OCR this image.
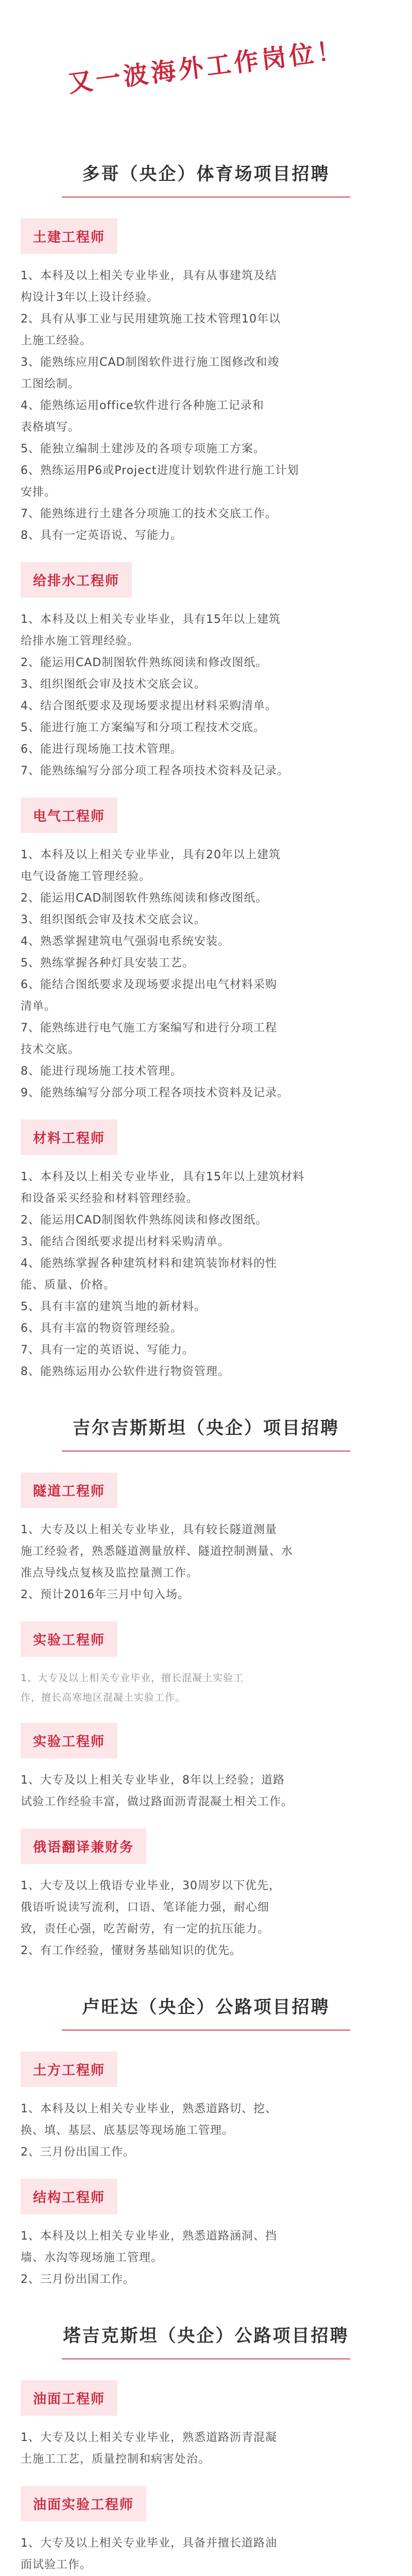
又一波海外工作岗位！
多哥（央企）体育场项目招聘
土建工程师

1、本科及以上相关专业毕业，具有从事建筑及结

构设计3年以上设计经验。

2、具有从事工业与民用建筑施工技术管理10年以

上施工经验。

3、能熟练应用CAD制图软件进行施工图修改和竣

工图绘制。

4、能熟练运用office软件进行各种施工记录和

表格填写。

5、能独立编制土建涉及的各项专项施工方案。

6、熟练运用P6或Project进度计划软件进行施工计划

安排。

7、能熟练进行土建各分项施工的技术交底工作。

8、具有一定英语说、写能力。

给排水工程师

1、本科及以上相关专业毕业，具有15年以上建筑

给排水施工管理经验。

2、能运用CAD制图软件熟练阅读和修改图纸。

3、组织图纸会审及技术交底会议。

4、结合图纸要求及现场要求提出材料采购清单。

5、能进行施工方案编写和分项工程技术交底。

6、能进行现场施工技术管理。

7、能熟练编写分部分项工程各项技术资料及记录。

电气工程师

1、本科及以上相关专业毕业，具有20年以上建筑

电气设备施工管理经验。

2、能运用CAD制图软件熟练阅读和修改图纸。

3、组织图纸会审及技术交底会议。

4、熟悉掌握建筑电气强弱电系统安装。

5、熟练掌握各种灯具安装工艺。

6、能结合图纸要求及现场要求提出电气材料采购

清单。

7、能熟练进行电气施工方案编写和进行分项工程

技术交底。

8、能进行现场施工技术管理。

9、能熟练编写分部分项工程各项技术资料及记录。

材料工程师

1、本科及以上相关专业毕业，具有15年以上建筑材料

和设备采买经验和材料管理经验。

2、能运用CAD制图软件熟练阅读和修改图纸。

3、能结合图纸要求提出材料采购清单。

4、能熟练掌握各种建筑材料和建筑装饰材料的性

能、质量、价格。

5、具有丰富的建筑当地的新材料。

6、具有丰富的物资管理经验。

7、具有一定的英语说、写能力。

8、能熟练运用办公软件进行物资管理。

吉尔吉斯斯坦（央企）项目招聘
隧道工程师

1、大专及以上相关专业毕业，具有较长隧道测量

施工经验者，熟悉隧道测量放样、隧道控制测量、水

准点导线点复核及监控量测工作。

2、预计2016年三月中旬入场。

实验工程师

1、大专及以上相关专业毕业，擅长混凝土实验工

作，擅长高寒地区混凝土实验工作。

实验工程师

1、大专及以上相关专业毕业，8年以上经验；道路

试验工作经验丰富，做过路面沥青混凝土相关工作。

俄语翻译兼财务

1、大专及以上俄语专业毕业，30周岁以下优先，

俄语听说读写流利，口语、笔译能力强，耐心细

致，责任心强，吃苦耐劳，有一定的抗压能力。

2、有工作经验，懂财务基础知识的优先。

卢旺达（央企）公路项目招聘
土方工程师

1、本科及以上相关专业毕业，熟悉道路切、挖、

换、填、基层、底基层等现场施工管理。

2、三月份出国工作。

结构工程师

1、本科及以上相关专业毕业，熟悉道路涵洞、挡

墙、水沟等现场施工管理。

2、三月份出国工作。

塔吉克斯坦（央企）公路项目招聘
油面工程师

1、大专及以上相关专业毕业，熟悉道路沥青混凝

土施工工艺，质量控制和病害处治。

油面实验工程师

1、大专及以上相关专业毕业，具备并擅长道路油

面试验工作。
